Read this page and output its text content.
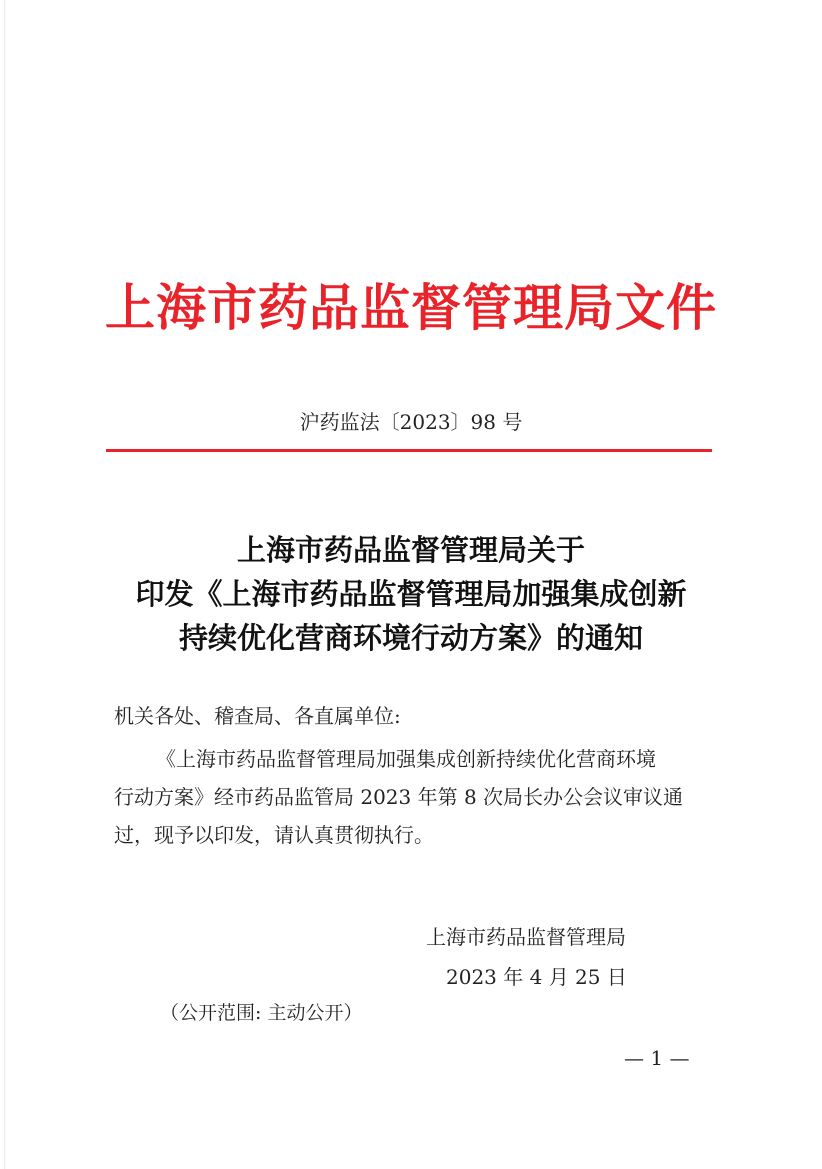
上海市药品监督管理局文件
沪药监法〔2023〕98 号
上海市药品监督管理局关于
印发《上海市药品监督管理局加强集成创新
持续优化营商环境行动方案》的通知
机关各处、稽查局、各直属单位:
《上海市药品监督管理局加强集成创新持续优化营商环境
行动方案》经市药品监管局 2023 年第 8 次局长办公会议审议通
过，现予以印发，请认真贯彻执行。
上海市药品监督管理局
2023 年 4 月 25 日
（公开范围: 主动公开）
— 1 —
